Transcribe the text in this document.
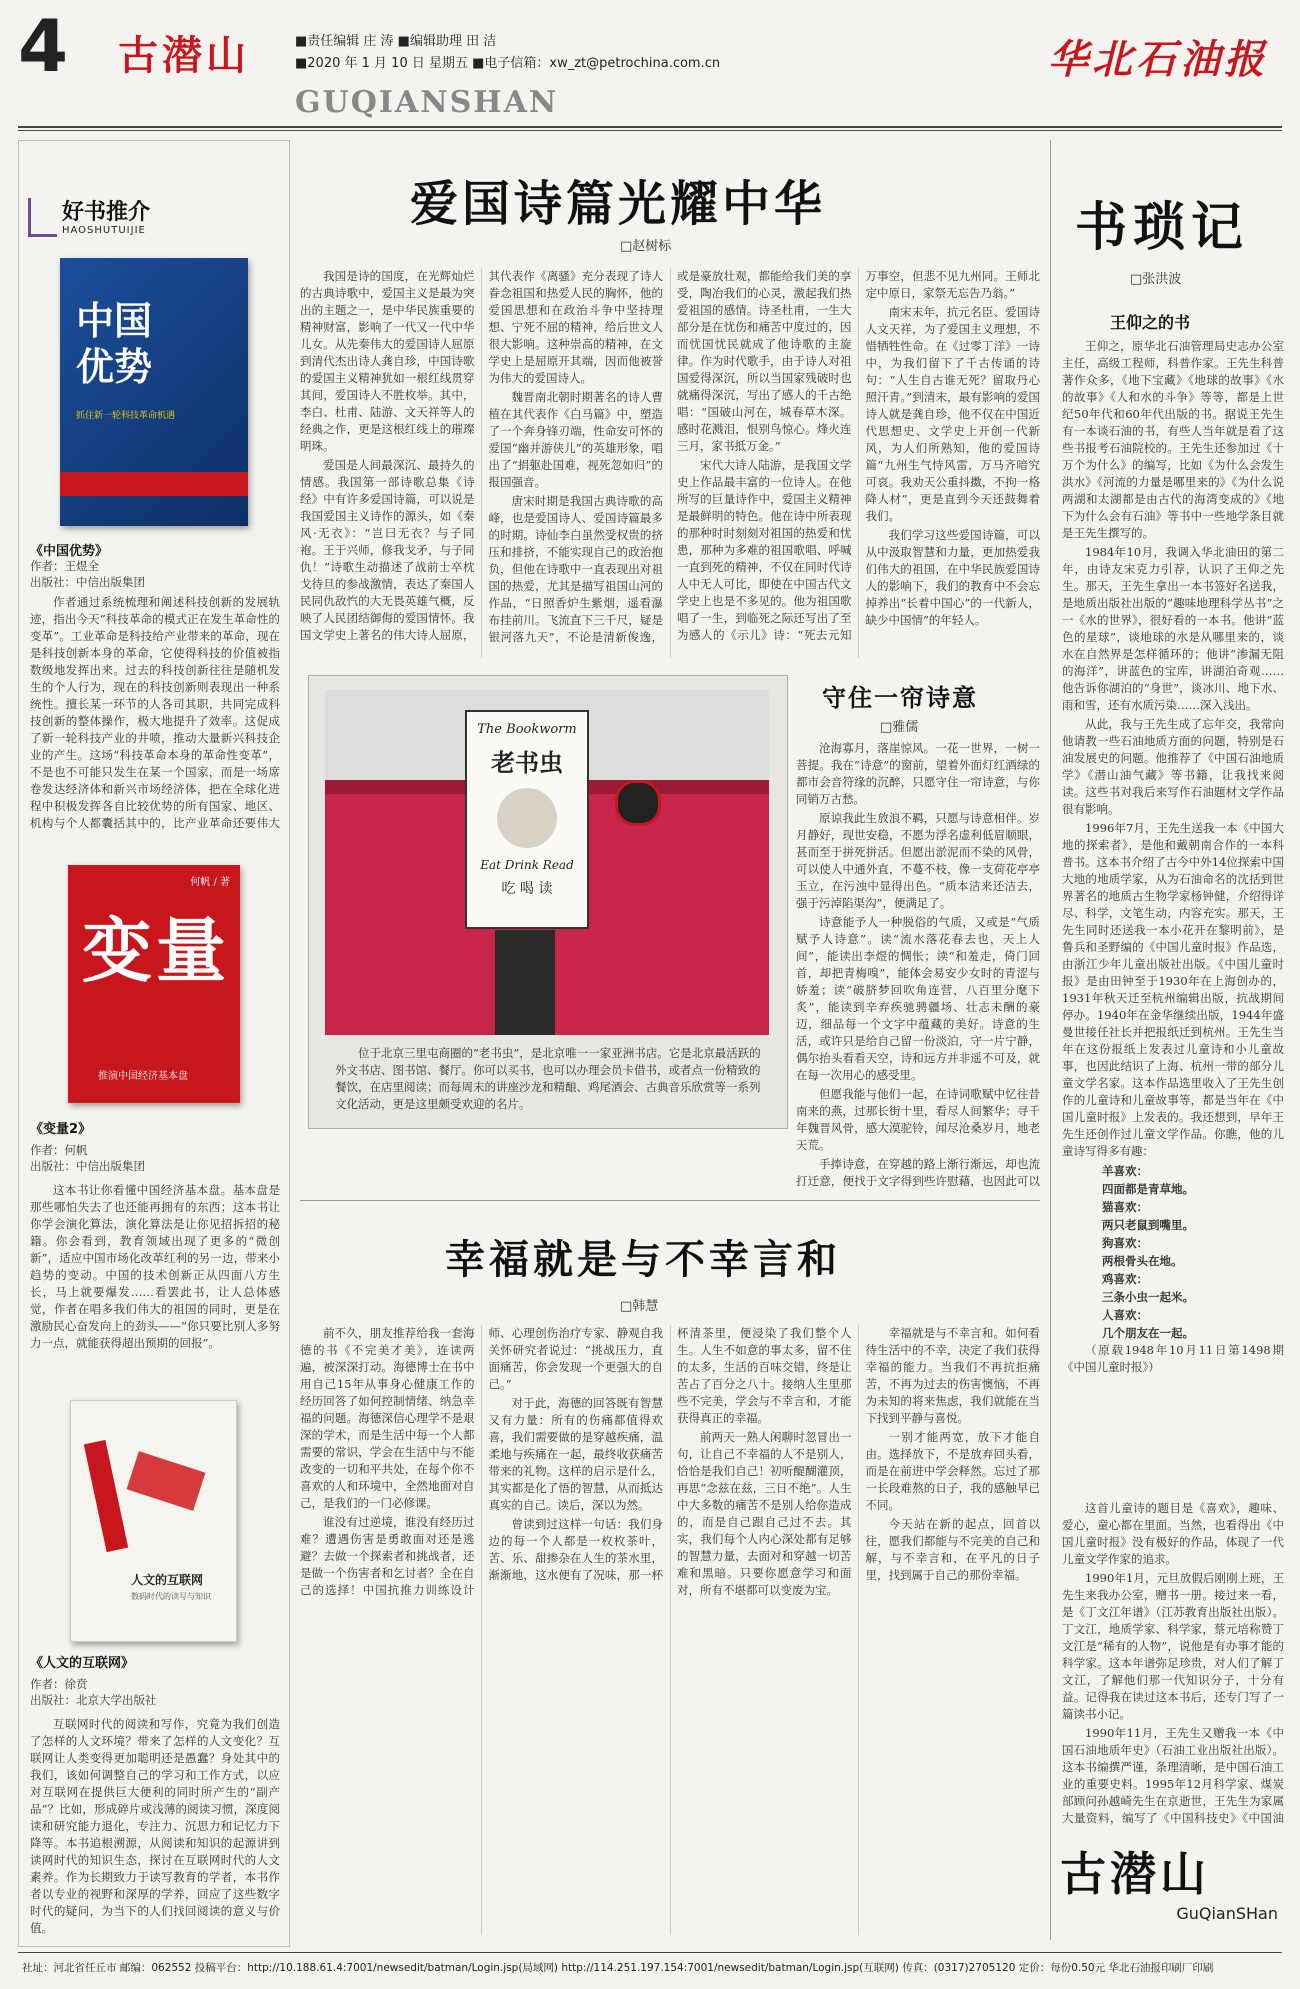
4 古潜山	■责任编辑 庄 涛 ■编辑助理 田 洁
■2020 年 1 月 10 日 星期五 ■电子信箱：xw_zt@petrochina.com.cn
GUQIANSHAN
华北石油报
好书推介
HAOSHUTUIJIE
中国优势
抓住新一轮科技革命机遇
《中国优势》
作者：王煜全
出版社：中信出版集团

作者通过系统梳理和阐述科技创新的发展轨迹，指出今天“科技革命的模式正在发生革命性的变革”。工业革命是科技给产业带来的革命，现在是科技创新本身的革命，它使得科技的价值被指数级地发挥出来。过去的科技创新往往是随机发生的个人行为，现在的科技创新则表现出一种系统性。擅长某一环节的人各司其职，共同完成科技创新的整体操作，极大地提升了效率。这促成了新一轮科技产业的井喷，推动大量新兴科技企业的产生。这场“科技革命本身的革命性变革”，不是也不可能只发生在某一个国家，而是一场席卷发达经济体和新兴市场经济体，把在全球化进程中积极发挥各自比较优势的所有国家、地区、机构与个人都囊括其中的，比产业革命还要伟大

何帆 / 著
变量
推演中国经济基本盘
《变量2》
作者：何帆
出版社：中信出版集团

这本书让你看懂中国经济基本盘。基本盘是那些哪怕失去了也还能再拥有的东西；这本书让你学会演化算法，演化算法是让你见招拆招的秘籍。你会看到，教育领域出现了更多的“微创新”，适应中国市场化改革红利的另一边，带来小趋势的变动。中国的技术创新正从四面八方生长，马上就要爆发……看罢此书，让人总体感觉，作者在唱多我们伟大的祖国的同时，更是在激励民心奋发向上的劲头——“你只要比别人多努力一点，就能获得超出预期的回报”。

人文的互联网
数码时代的读写与知识
《人文的互联网》
作者：徐贲
出版社：北京大学出版社

互联网时代的阅读和写作，究竟为我们创造了怎样的人文环境？带来了怎样的人文变化？互联网让人类变得更加聪明还是愚蠢？身处其中的我们，该如何调整自己的学习和工作方式，以应对互联网在提供巨大便利的同时所产生的“副产品”？比如，形成碎片或浅薄的阅读习惯，深度阅读和研究能力退化，专注力、沉思力和记忆力下降等。本书追根溯源，从阅读和知识的起源讲到读网时代的知识生态，探讨在互联网时代的人文素养。作为长期致力于读写教育的学者，本书作者以专业的视野和深厚的学养，回应了这些数字时代的疑问，为当下的人们找回阅读的意义与价值。

爱国诗篇光耀中华
□赵树标

我国是诗的国度，在光辉灿烂的古典诗歌中，爱国主义是最为突出的主题之一，是中华民族重要的精神财富，影响了一代又一代中华儿女。从先秦伟大的爱国诗人屈原到清代杰出诗人龚自珍，中国诗歌的爱国主义精神犹如一根红线贯穿其间，爱国诗人不胜枚举。其中，李白、杜甫、陆游、文天祥等人的经典之作，更是这根红线上的璀璨明珠。

爱国是人间最深沉、最持久的情感。我国第一部诗歌总集《诗经》中有许多爱国诗篇，可以说是我国爱国主义诗作的源头，如《秦风·无衣》：“岂曰无衣？与子同袍。王于兴师，修我戈矛，与子同仇！”诗歌生动描述了战前士卒枕戈待旦的参战激情，表达了秦国人民同仇敌忾的大无畏英雄气概，反映了人民团结御侮的爱国情怀。我国文学史上著名的伟大诗人屈原，其代表作《离骚》充分表现了诗人眷念祖国和热爱人民的胸怀，他的爱国思想和在政治斗争中坚持理想、宁死不屈的精神，给后世文人很大影响。这种崇高的精神，在文学史上是屈原开其端，因而他被誉为伟大的爱国诗人。

魏晋南北朝时期著名的诗人曹植在其代表作《白马篇》中，塑造了一个奔身锋刃端，性命安可怀的爱国“幽并游侠儿”的英雄形象，唱出了“捐躯赴国难，视死忽如归”的报国强音。

唐宋时期是我国古典诗歌的高峰，也是爱国诗人、爱国诗篇最多的时期。诗仙李白虽然受权贵的挤压和排挤，不能实现自己的政治抱负，但他在诗歌中一直表现出对祖国的热爱，尤其是描写祖国山河的作品，“日照香炉生紫烟，遥看瀑布挂前川。飞流直下三千尺，疑是银河落九天”，不论是清新俊逸，或是豪放壮观，都能给我们美的享受，陶冶我们的心灵，激起我们热爱祖国的感情。诗圣杜甫，一生大部分是在忧伤和痛苦中度过的，因而忧国忧民就成了他诗歌的主旋律。作为时代歌手，由于诗人对祖国爱得深沉，所以当国家残破时也就痛得深沉，写出了感人的千古绝唱：“国破山河在，城春草木深。感时花溅泪，恨别鸟惊心。烽火连三月，家书抵万金。”

宋代大诗人陆游，是我国文学史上作品最丰富的一位诗人。在他所写的巨量诗作中，爱国主义精神是最鲜明的特色。他在诗中所表现的那种时时刻刻对祖国的热爱和忧患，那种为多难的祖国歌唱、呼喊一直到死的精神，不仅在同时代诗人中无人可比，即使在中国古代文学史上也是不多见的。他为祖国歌唱了一生，到临死之际还写出了至为感人的《示儿》诗：“死去元知万事空，但悲不见九州同。王师北定中原日，家祭无忘告乃翁。”

南宋末年，抗元名臣、爱国诗人文天祥，为了爱国主义理想，不惜牺牲性命。在《过零丁洋》一诗中，为我们留下了千古传诵的诗句：“人生自古谁无死？留取丹心照汗青。”到清末，最有影响的爱国诗人就是龚自珍，他不仅在中国近代思想史、文学史上开创一代新风，为人们所熟知，他的爱国诗篇“九州生气恃风雷，万马齐喑究可哀。我劝天公重抖擞，不拘一格降人材”，更是直到今天还鼓舞着我们。

我们学习这些爱国诗篇，可以从中汲取智慧和力量，更加热爱我们伟大的祖国，在中华民族爱国诗人的影响下，我们的教育中不会忘掉养出“长着中国心”的一代新人，缺少中国情”的年轻人。

The Bookworm
老书虫
Eat Drink Read
吃 喝 读
位于北京三里屯商圈的“老书虫”，是北京唯一一家亚洲书店。它是北京最活跃的外文书店、图书馆、餐厅。你可以买书，也可以办理会员卡借书，或者点一份精致的餐饮，在店里阅读；而每周末的讲座沙龙和精酿、鸡尾酒会、古典音乐欣赏等一系列文化活动，更是这里颇受欢迎的名片。
守住一帘诗意
□雅儒

沧海寡月，落崖惊风。一花一世界，一树一菩提。我在“诗意”的窗前，望着外面灯红酒绿的都市会音符缘的沉醉，只愿守住一帘诗意，与你同销万古愁。

原谅我此生放浪不羁，只愿与诗意相伴。岁月静好，现世安稳，不愿为浮名虚利低眉顺眼，甚而至于拼死拼活。但愿出淤泥而不染的风骨，可以使人中通外直，不蔓不枝，像一支荷花亭亭玉立，在污浊中显得出色。“质本洁来还洁去，强于污淖陷渠沟”，便满足了。

诗意能予人一种脱俗的气质，又或是“气质赋予人诗意”。读“流水落花春去也，天上人间”，能读出李煜的惆怅；读“和羞走，倚门回首，却把青梅嗅”，能体会易安少女时的青涩与娇羞；读“破脐梦回吹角连营，八百里分麾下炙”，能读到辛弃疾驰骋疆场、壮志未酬的豪迈，细品每一个文字中蕴藏的美好。诗意的生活，或许只是给自己留一份淡泊，守一片宁静，偶尔抬头看看天空，诗和远方并非遥不可及，就在每一次用心的感受里。

但愿我能与他们一起，在诗词歌赋中忆往昔南来的燕，过那长街十里，看尽人间繁华；寻千年魏晋风骨，感大漠驼铃，闻尽沧桑岁月，地老天荒。

手捧诗意，在穿越的路上渐行渐远，却也流打迁意，便找于文字得到些许慰藉，也因此可以

幸福就是与不幸言和
□韩慧

前不久，朋友推荐给我一套海德的书《不完美才美》，连读两遍，被深深打动。海德博士在书中用自己15年从事身心健康工作的经历回答了如何控制情绪、纳急幸福的问题。海德深信心理学不是艰深的学术，而是生活中每一个人都需要的常识，学会在生活中与不能改变的一切和平共处，在每个你不喜欢的人和环境中，全然地面对自己，是我们的一门必修课。

谁没有过逆境，谁没有经历过难？遭遇伤害是勇敢面对还是逃避？去做一个探索者和挑战者，还是做一个伤害者和乞讨者？全在自己的选择！中国抗推力训练设计师、心理创伤治疗专家、静观自我关怀研究者说过：“挑战压力，直面痛苦，你会发现一个更强大的自己。”

对于此，海德的回答既有智慧又有力量：所有的伤痛都值得欢喜，我们需要做的是穿越疾痛，温柔地与疾痛在一起，最终收获痛苦带来的礼物。这样的启示是什么，其实都是化了悟的智慧，从而抵达真实的自己。读后，深以为然。

曾读到过这样一句话：我们身边的每一个人都是一枚枚茶叶，苦、乐、甜掺杂在人生的茶水里，渐渐地，这水便有了况味，那一杯杯清茶里，便浸染了我们整个人生。人生不如意的事太多，留不住的太多，生活的百味交错，终是让苦占了百分之八十。接纳人生里那些不完美，学会与不幸言和，才能获得真正的幸福。

前两天一熟人闲聊时忽冒出一句，让自己不幸福的人不是别人，恰恰是我们自己！初听醍醐灌顶，再思“念兹在兹，三日不绝”。人生中大多数的痛苦不是别人给你造成的，而是自己跟自己过不去。其实，我们每个人内心深处都有足够的智慧力量，去面对和穿越一切苦难和黑暗。只要你愿意学习和面对，所有不堪都可以变废为宝。

幸福就是与不幸言和。如何看待生活中的不幸，决定了我们获得幸福的能力。当我们不再抗拒痛苦，不再为过去的伤害懊恼，不再为未知的将来焦虑，我们就能在当下找到平静与喜悦。

一别才能两宽，放下才能自由。选择放下，不是放弃回头看，而是在前进中学会释然。忘过了那一长段难熬的日子，我的感触早已不同。

今天站在新的起点，回首以往，愿我们都能与不完美的自己和解，与不幸言和，在平凡的日子里，找到属于自己的那份幸福。

书琐记
□张洪波
王仰之的书

王仰之，原华北石油管理局史志办公室主任，高级工程师，科普作家。王先生科普著作众多，《地下宝藏》《地球的故事》《水的故事》《人和水的斗争》等等，都是上世纪50年代和60年代出版的书。据说王先生有一本谈石油的书，有些人当年就是看了这些书报考石油院校的。王先生还参加过《十万个为什么》的编写，比如《为什么会发生洪水》《河流的力量是哪里来的》《为什么说两湖和太湖都是由古代的海湾变成的》《地下为什么会有石油》等书中一些地学条目就是王先生撰写的。

1984年10月，我调入华北油田的第二年，由诗友宋克力引荐，认识了王仰之先生。那天，王先生拿出一本书签好名送我，是地质出版社出版的“趣味地理科学丛书”之一《水的世界》，很好看的一本书。他讲“蓝色的星球”，谈地球的水是从哪里来的，谈水在自然界是怎样循环的；他讲“渗漏无阻的海洋”，讲蓝色的宝库，讲湖泊奇观……他告诉你湖泊的“身世”，谈冰川、地下水、雨和雪，还有水质污染……深入浅出。

从此，我与王先生成了忘年交，我常向他请教一些石油地质方面的问题，特别是石油发展史的问题。他推荐了《中国石油地质学》《潜山油气藏》等书籍，让我找来阅读。这些书对我后来写作石油题材文学作品很有影响。

1996年7月，王先生送我一本《中国大地的探索者》，是他和戴朝南合作的一本科普书。这本书介绍了古今中外14位探索中国大地的地质学家，从为石油命名的沈括到世界著名的地质古生物学家杨钟健，介绍得详尽、科学，文笔生动，内容充实。那天，王先生同时还送我一本小花开在黎明前》，是鲁兵和圣野编的《中国儿童时报》作品选，由浙江少年儿童出版社出版。《中国儿童时报》是由田钟至于1930年在上海创办的，1931年秋天迁至杭州编辑出版，抗战期间停办。1940年在金华继续出版，1944年盛曼世接任社长并把报纸迁到杭州。王先生当年在这份报纸上发表过儿童诗和小儿童故事，也因此结识了上海、杭州一带的部分儿童文学名家。这本作品选里收入了王先生创作的儿童诗和儿童故事等，都是当年在《中国儿童时报》上发表的。我还想到，早年王先生还创作过儿童文学作品。你瞧，他的儿童诗写得多有趣：

羊喜欢：
四面都是青草地。
猫喜欢：
两只老鼠到嘴里。
狗喜欢：
两根骨头在地。
鸡喜欢：
三条小虫一起米。
人喜欢：
几个朋友在一起。

（原载1948年10月11日第1498期《中国儿童时报》）

这首儿童诗的题目是《喜欢》，趣味、爱心，童心都在里面。当然，也看得出《中国儿童时报》没有极好的作品，体现了一代儿童文学作家的追求。

1990年1月，元旦放假后刚刚上班，王先生来我办公室，赠书一册。接过来一看，是《丁文江年谱》（江苏教育出版社出版）。丁文江，地质学家、科学家，蔡元培称赞丁文江是“稀有的人物”，说他是有办事才能的科学家。这本年谱弥足珍贵，对人们了解丁文江，了解他们那一代知识分子，十分有益。记得我在读过这本书后，还专门写了一篇读书小记。

1990年11月，王先生又赠我一本《中国石油地质年史》（石油工业出版社出版）。这本书编撰严谨，条理清晰，是中国石油工业的重要史料。1995年12月科学家、煤炭部顾问孙越崎先生在京逝世，王先生为家属大量资料，编写了《中国科技史》《中国油

古潜山
GuQianSHan
社址：河北省任丘市 邮编：062552 投稿平台：http://10.188.61.4:7001/newsedit/batman/Login.jsp(局域网) http://114.251.197.154:7001/newsedit/batman/Login.jsp(互联网) 传真：(0317)2705120 定价：每份0.50元 华北石油报印刷厂印刷
